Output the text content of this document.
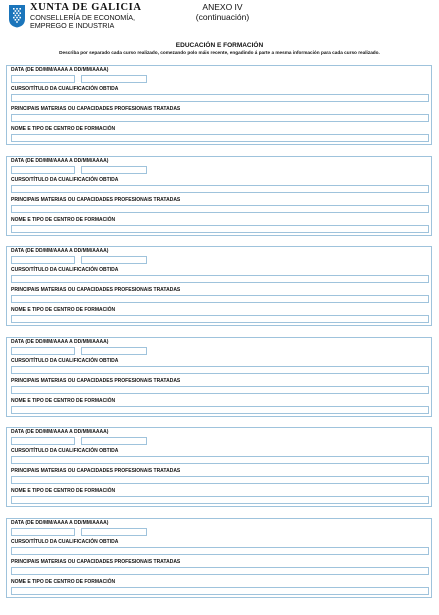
XUNTA DE GALICIA
CONSELLERÍA DE ECONOMÍA,
EMPREGO E INDUSTRIA
ANEXO IV
(continuación)
EDUCACIÓN E FORMACIÓN
Describa por separado cada curso realizado, comezando polo máis recente, engadindo á parte a mesma información para cada curso realizado.
DATA (DE DD/MM/AAAA A DD/MM/AAAA)
CURSO/TÍTULO DA CUALIFICACIÓN OBTIDA
PRINCIPAIS MATERIAS OU CAPACIDADES PROFESIONAIS TRATADAS
NOME E TIPO DE CENTRO DE FORMACIÓN
DATA (DE DD/MM/AAAA A DD/MM/AAAA)
CURSO/TÍTULO DA CUALIFICACIÓN OBTIDA
PRINCIPAIS MATERIAS OU CAPACIDADES PROFESIONAIS TRATADAS
NOME E TIPO DE CENTRO DE FORMACIÓN
DATA (DE DD/MM/AAAA A DD/MM/AAAA)
CURSO/TÍTULO DA CUALIFICACIÓN OBTIDA
PRINCIPAIS MATERIAS OU CAPACIDADES PROFESIONAIS TRATADAS
NOME E TIPO DE CENTRO DE FORMACIÓN
DATA (DE DD/MM/AAAA A DD/MM/AAAA)
CURSO/TÍTULO DA CUALIFICACIÓN OBTIDA
PRINCIPAIS MATERIAS OU CAPACIDADES PROFESIONAIS TRATADAS
NOME E TIPO DE CENTRO DE FORMACIÓN
DATA (DE DD/MM/AAAA A DD/MM/AAAA)
CURSO/TÍTULO DA CUALIFICACIÓN OBTIDA
PRINCIPAIS MATERIAS OU CAPACIDADES PROFESIONAIS TRATADAS
NOME E TIPO DE CENTRO DE FORMACIÓN
DATA (DE DD/MM/AAAA A DD/MM/AAAA)
CURSO/TÍTULO DA CUALIFICACIÓN OBTIDA
PRINCIPAIS MATERIAS OU CAPACIDADES PROFESIONAIS TRATADAS
NOME E TIPO DE CENTRO DE FORMACIÓN
